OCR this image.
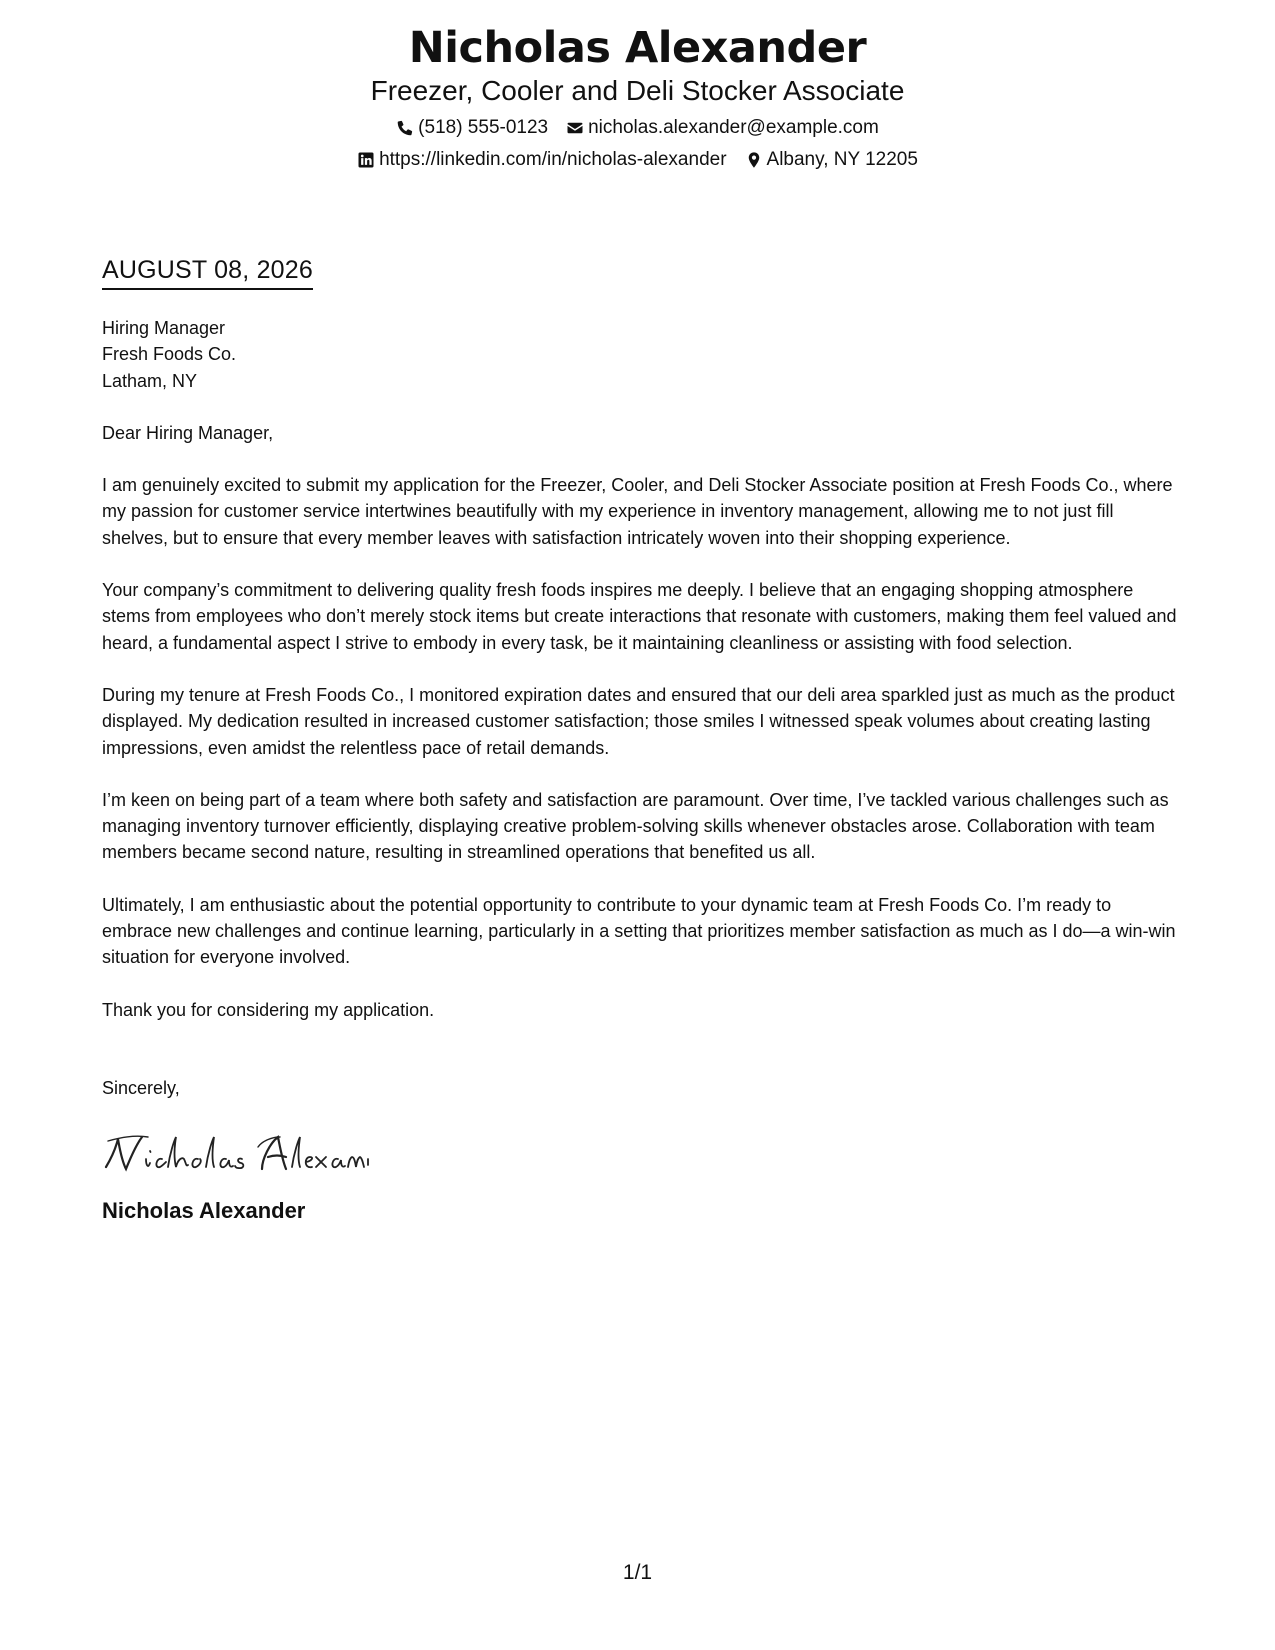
Nicholas Alexander
Freezer, Cooler and Deli Stocker Associate
(518) 555-0123 nicholas.alexander@example.com
https://linkedin.com/in/nicholas-alexander Albany, NY 12205
AUGUST 08, 2026
Hiring Manager
Fresh Foods Co.
Latham, NY
Dear Hiring Manager,
I am genuinely excited to submit my application for the Freezer, Cooler, and Deli Stocker Associate position at Fresh Foods Co., where my passion for customer service intertwines beautifully with my experience in inventory management, allowing me to not just fill shelves, but to ensure that every member leaves with satisfaction intricately woven into their shopping experience.
Your company’s commitment to delivering quality fresh foods inspires me deeply. I believe that an engaging shopping atmosphere stems from employees who don’t merely stock items but create interactions that resonate with customers, making them feel valued and heard, a fundamental aspect I strive to embody in every task, be it maintaining cleanliness or assisting with food selection.
During my tenure at Fresh Foods Co., I monitored expiration dates and ensured that our deli area sparkled just as much as the product displayed. My dedication resulted in increased customer satisfaction; those smiles I witnessed speak volumes about creating lasting impressions, even amidst the relentless pace of retail demands.
I’m keen on being part of a team where both safety and satisfaction are paramount. Over time, I’ve tackled various challenges such as managing inventory turnover efficiently, displaying creative problem-solving skills whenever obstacles arose. Collaboration with team members became second nature, resulting in streamlined operations that benefited us all.
Ultimately, I am enthusiastic about the potential opportunity to contribute to your dynamic team at Fresh Foods Co. I’m ready to embrace new challenges and continue learning, particularly in a setting that prioritizes member satisfaction as much as I do—a win-win situation for everyone involved.
Thank you for considering my application.
Sincerely,
Nicholas Alexander
1/1
